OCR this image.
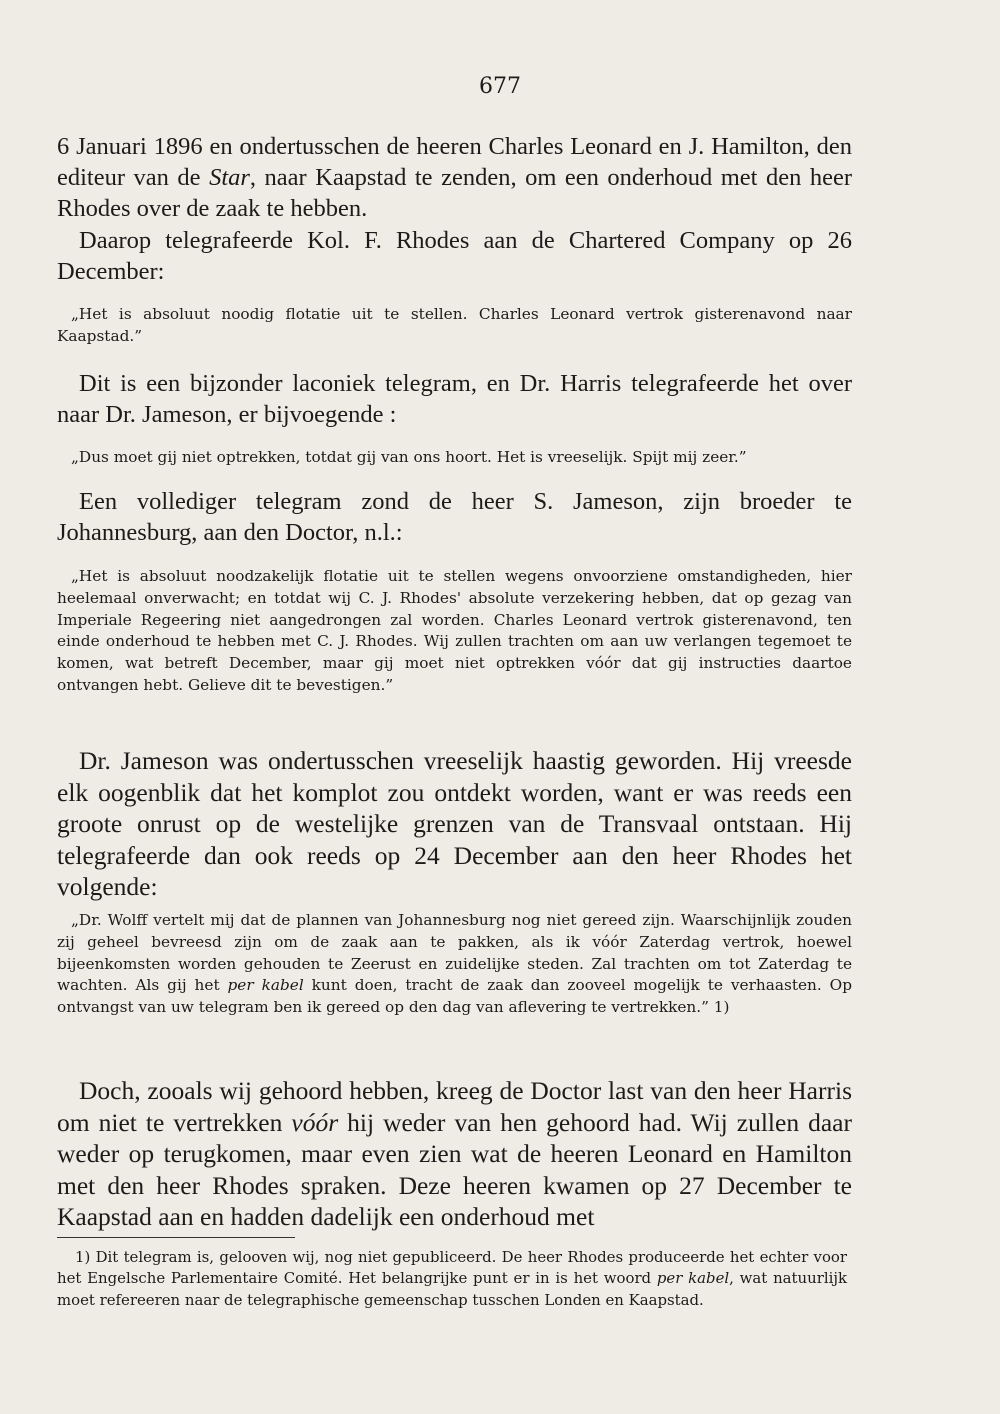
677

6 Januari 1896 en ondertusschen de heeren Charles Leonard en J. Hamilton, den editeur van de Star, naar Kaapstad te zenden, om een onderhoud met den heer Rhodes over de zaak te hebben.

Daarop telegrafeerde Kol. F. Rhodes aan de Chartered Company op 26 December:

„Het is absoluut noodig flotatie uit te stellen. Charles Leonard vertrok gisterenavond naar Kaapstad.”

Dit is een bijzonder laconiek telegram, en Dr. Harris telegrafeerde het over naar Dr. Jameson, er bijvoegende :

„Dus moet gij niet optrekken, totdat gij van ons hoort. Het is vreeselijk. Spijt mij zeer.”

Een vollediger telegram zond de heer S. Jameson, zijn broeder te Johannesburg, aan den Doctor, n.l.:

„Het is absoluut noodzakelijk flotatie uit te stellen wegens onvoorziene omstandigheden, hier heelemaal onverwacht; en totdat wij C. J. Rhodes' absolute verzekering hebben, dat op gezag van Imperiale Regeering niet aangedrongen zal worden. Charles Leonard vertrok gisterenavond, ten einde onderhoud te hebben met C. J. Rhodes. Wij zullen trachten om aan uw verlangen tegemoet te komen, wat betreft December, maar gij moet niet optrekken vóór dat gij instructies daartoe ontvangen hebt. Gelieve dit te bevestigen.”

Dr. Jameson was ondertusschen vreeselijk haastig geworden. Hij vreesde elk oogenblik dat het komplot zou ontdekt worden, want er was reeds een groote onrust op de westelijke grenzen van de Transvaal ontstaan. Hij telegrafeerde dan ook reeds op 24 December aan den heer Rhodes het volgende:

„Dr. Wolff vertelt mij dat de plannen van Johannesburg nog niet gereed zijn. Waarschijnlijk zouden zij geheel bevreesd zijn om de zaak aan te pakken, als ik vóór Zaterdag vertrok, hoewel bijeenkomsten worden gehouden te Zeerust en zuidelijke steden. Zal trachten om tot Zaterdag te wachten. Als gij het per kabel kunt doen, tracht de zaak dan zooveel mogelijk te verhaasten. Op ontvangst van uw telegram ben ik gereed op den dag van aflevering te vertrekken.” 1)

Doch, zooals wij gehoord hebben, kreeg de Doctor last van den heer Harris om niet te vertrekken vóór hij weder van hen gehoord had. Wij zullen daar weder op terugkomen, maar even zien wat de heeren Leonard en Hamilton met den heer Rhodes spraken. Deze heeren kwamen op 27 December te Kaapstad aan en hadden dadelijk een onderhoud met

1) Dit telegram is, gelooven wij, nog niet gepubliceerd. De heer Rhodes produceerde het echter voor het Engelsche Parlementaire Comité. Het belangrijke punt er in is het woord per kabel, wat natuurlijk moet refereeren naar de telegraphische gemeenschap tusschen Londen en Kaapstad.
